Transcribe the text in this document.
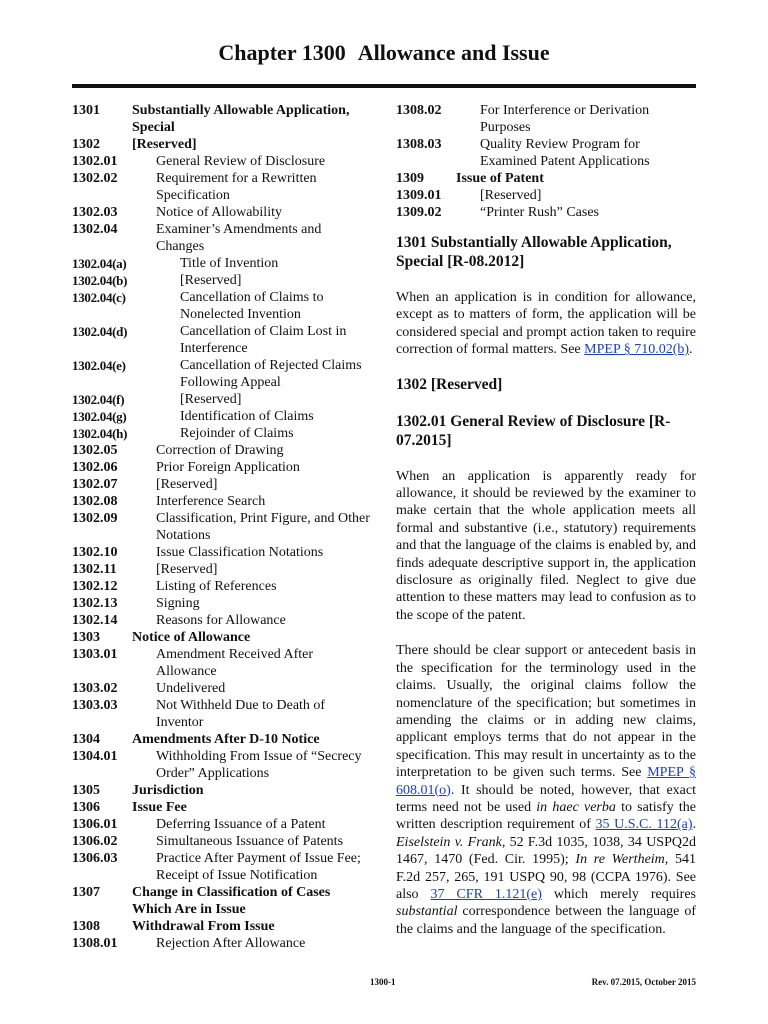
Chapter 1300 Allowance and Issue
1301	Substantially Allowable Application, Special
1302	[Reserved]
1302.01	General Review of Disclosure
1302.02	Requirement for a Rewritten Specification
1302.03	Notice of Allowability
1302.04	Examiner’s Amendments and Changes
1302.04(a)	Title of Invention
1302.04(b)	[Reserved]
1302.04(c)	Cancellation of Claims to Nonelected Invention
1302.04(d)	Cancellation of Claim Lost in Interference
1302.04(e)	Cancellation of Rejected Claims Following Appeal
1302.04(f)	[Reserved]
1302.04(g)	Identification of Claims
1302.04(h)	Rejoinder of Claims
1302.05	Correction of Drawing
1302.06	Prior Foreign Application
1302.07	[Reserved]
1302.08	Interference Search
1302.09	Classification, Print Figure, and Other Notations
1302.10	Issue Classification Notations
1302.11	[Reserved]
1302.12	Listing of References
1302.13	Signing
1302.14	Reasons for Allowance
1303	Notice of Allowance
1303.01	Amendment Received After Allowance
1303.02	Undelivered
1303.03	Not Withheld Due to Death of Inventor
1304	Amendments After D-10 Notice
1304.01	Withholding From Issue of “Secrecy Order” Applications
1305	Jurisdiction
1306	Issue Fee
1306.01	Deferring Issuance of a Patent
1306.02	Simultaneous Issuance of Patents
1306.03	Practice After Payment of Issue Fee; Receipt of Issue Notification
1307	Change in Classification of Cases Which Are in Issue
1308	Withdrawal From Issue
1308.01	Rejection After Allowance
1308.02	For Interference or Derivation Purposes
1308.03	Quality Review Program for Examined Patent Applications
1309	Issue of Patent
1309.01	[Reserved]
1309.02	“Printer Rush” Cases
1301 Substantially Allowable Application, Special [R-08.2012]

When an application is in condition for allowance, except as to matters of form, the application will be considered special and prompt action taken to require correction of formal matters. See MPEP § 710.02(b).

1302 [Reserved]
1302.01 General Review of Disclosure [R-07.2015]

When an application is apparently ready for allowance, it should be reviewed by the examiner to make certain that the whole application meets all formal and substantive (i.e., statutory) requirements and that the language of the claims is enabled by, and finds adequate descriptive support in, the application disclosure as originally filed. Neglect to give due attention to these matters may lead to confusion as to the scope of the patent.

There should be clear support or antecedent basis in the specification for the terminology used in the claims. Usually, the original claims follow the nomenclature of the specification; but sometimes in amending the claims or in adding new claims, applicant employs terms that do not appear in the specification. This may result in uncertainty as to the interpretation to be given such terms. See MPEP § 608.01(o). It should be noted, however, that exact terms need not be used in haec verba to satisfy the written description requirement of 35 U.S.C. 112(a). Eiselstein v. Frank, 52 F.3d 1035, 1038, 34 USPQ2d 1467, 1470 (Fed. Cir. 1995); In re Wertheim, 541 F.2d 257, 265, 191 USPQ 90, 98 (CCPA 1976). See also 37 CFR 1.121(e) which merely requires substantial correspondence between the language of the claims and the language of the specification.

1300-1	Rev. 07.2015, October 2015
